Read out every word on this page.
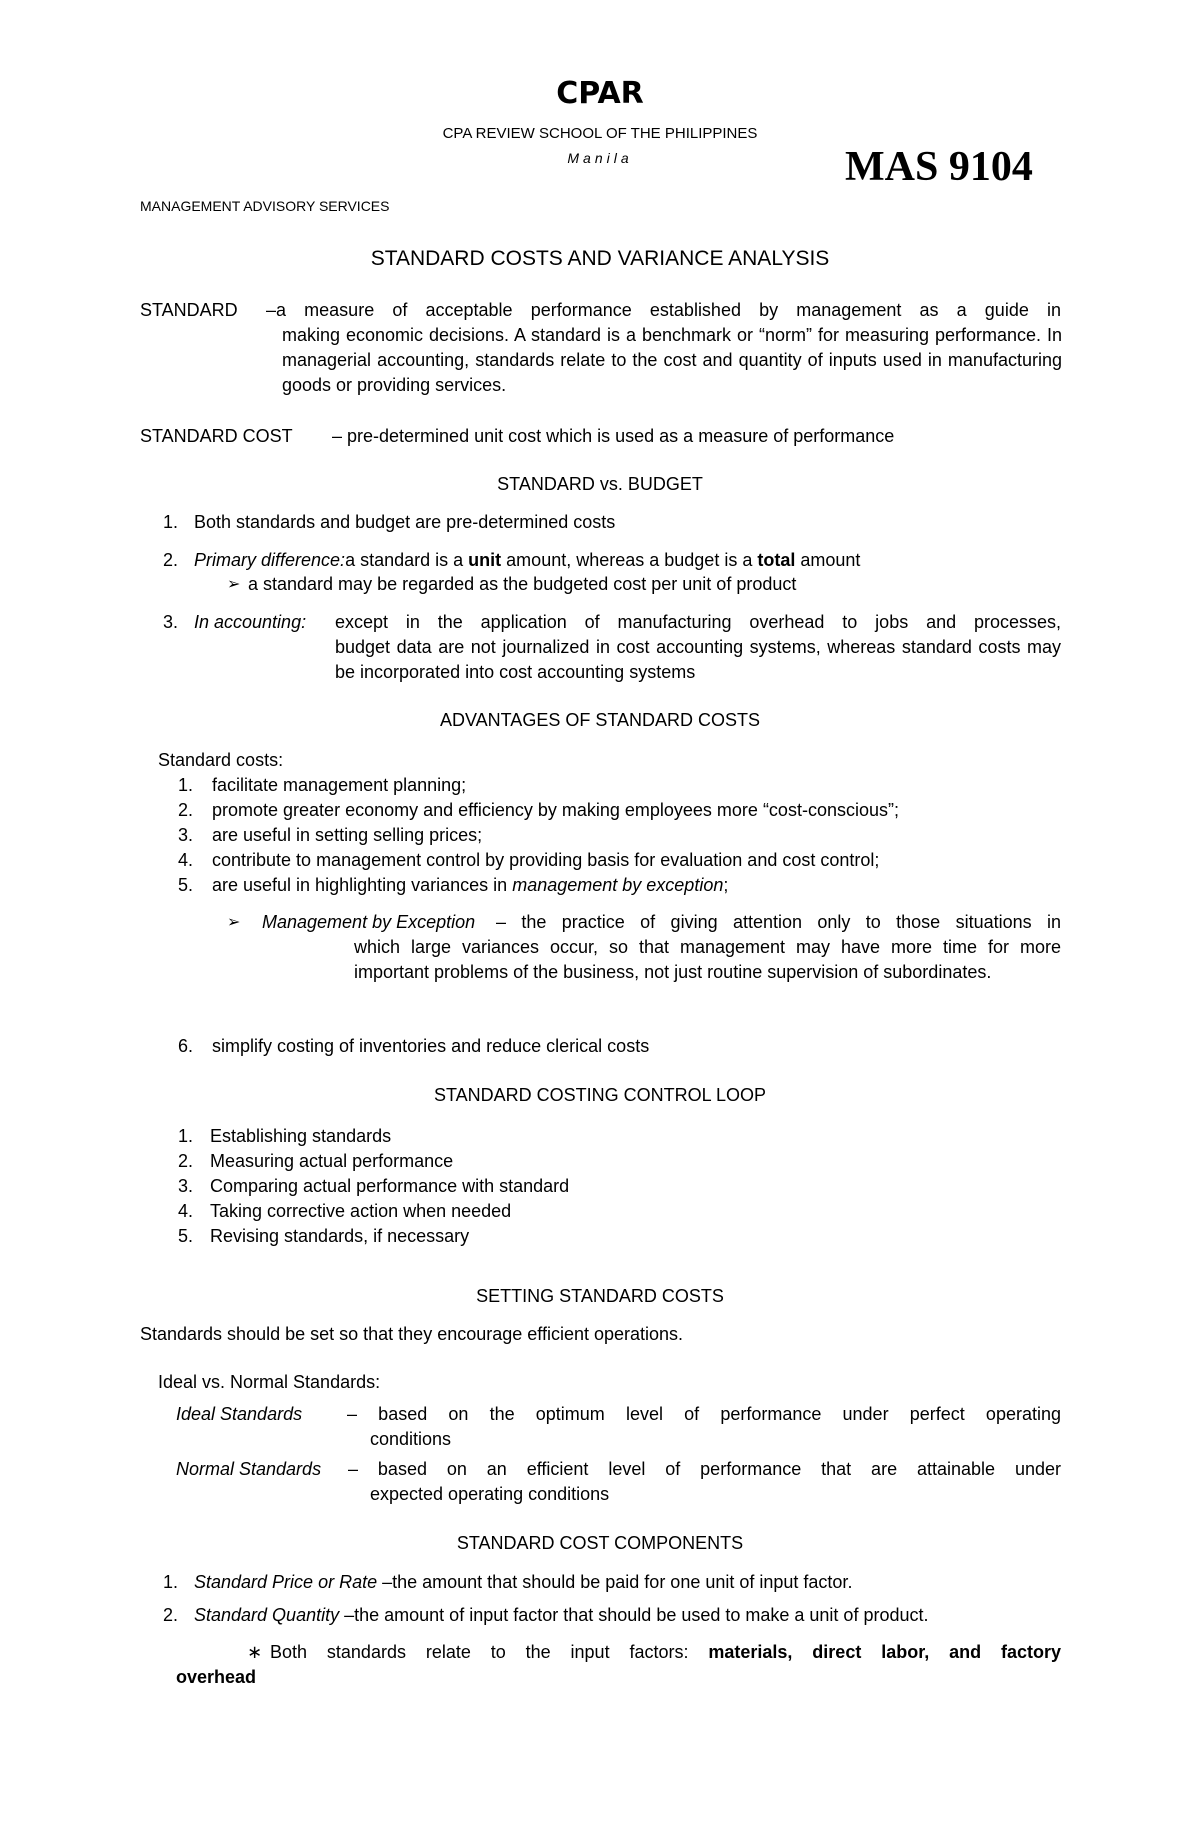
CPAR
CPA REVIEW SCHOOL OF THE PHILIPPINES
Manila	MAS 9104
MANAGEMENT ADVISORY SERVICES
STANDARD COSTS AND VARIANCE ANALYSIS
STANDARD –a measure of acceptable performance established by management as a guide in
making economic decisions. A standard is a benchmark or “norm” for measuring performance. In managerial accounting, standards relate to the cost and quantity of inputs used in manufacturing goods or providing services.
STANDARD COST – pre-determined unit cost which is used as a measure of performance
STANDARD vs. BUDGET
1. Both standards and budget are pre-determined costs
2. Primary difference:a standard is a unit amount, whereas a budget is a total amount
➢ a standard may be regarded as the budgeted cost per unit of product
3. In accounting: except in the application of manufacturing overhead to jobs and processes,
budget data are not journalized in cost accounting systems, whereas standard costs may be incorporated into cost accounting systems
ADVANTAGES OF STANDARD COSTS
Standard costs:
1. facilitate management planning;
2. promote greater economy and efficiency by making employees more “cost-conscious”;
3. are useful in setting selling prices;
4. contribute to management control by providing basis for evaluation and cost control;
5. are useful in highlighting variances in management by exception;
➢ Management by Exception – the practice of giving attention only to those situations in
which large variances occur, so that management may have more time for more important problems of the business, not just routine supervision of subordinates.
6. simplify costing of inventories and reduce clerical costs
STANDARD COSTING CONTROL LOOP
1. Establishing standards
2. Measuring actual performance
3. Comparing actual performance with standard
4. Taking corrective action when needed
5. Revising standards, if necessary
SETTING STANDARD COSTS
Standards should be set so that they encourage efficient operations.
Ideal vs. Normal Standards:
Ideal Standards – based on the optimum level of performance under perfect operating
conditions
Normal Standards – based on an efficient level of performance that are attainable under
expected operating conditions
STANDARD COST COMPONENTS
1. Standard Price or Rate –the amount that should be paid for one unit of input factor.
2. Standard Quantity –the amount of input factor that should be used to make a unit of product.
∗ Both standards relate to the input factors: materials, direct labor, and factory
overhead
